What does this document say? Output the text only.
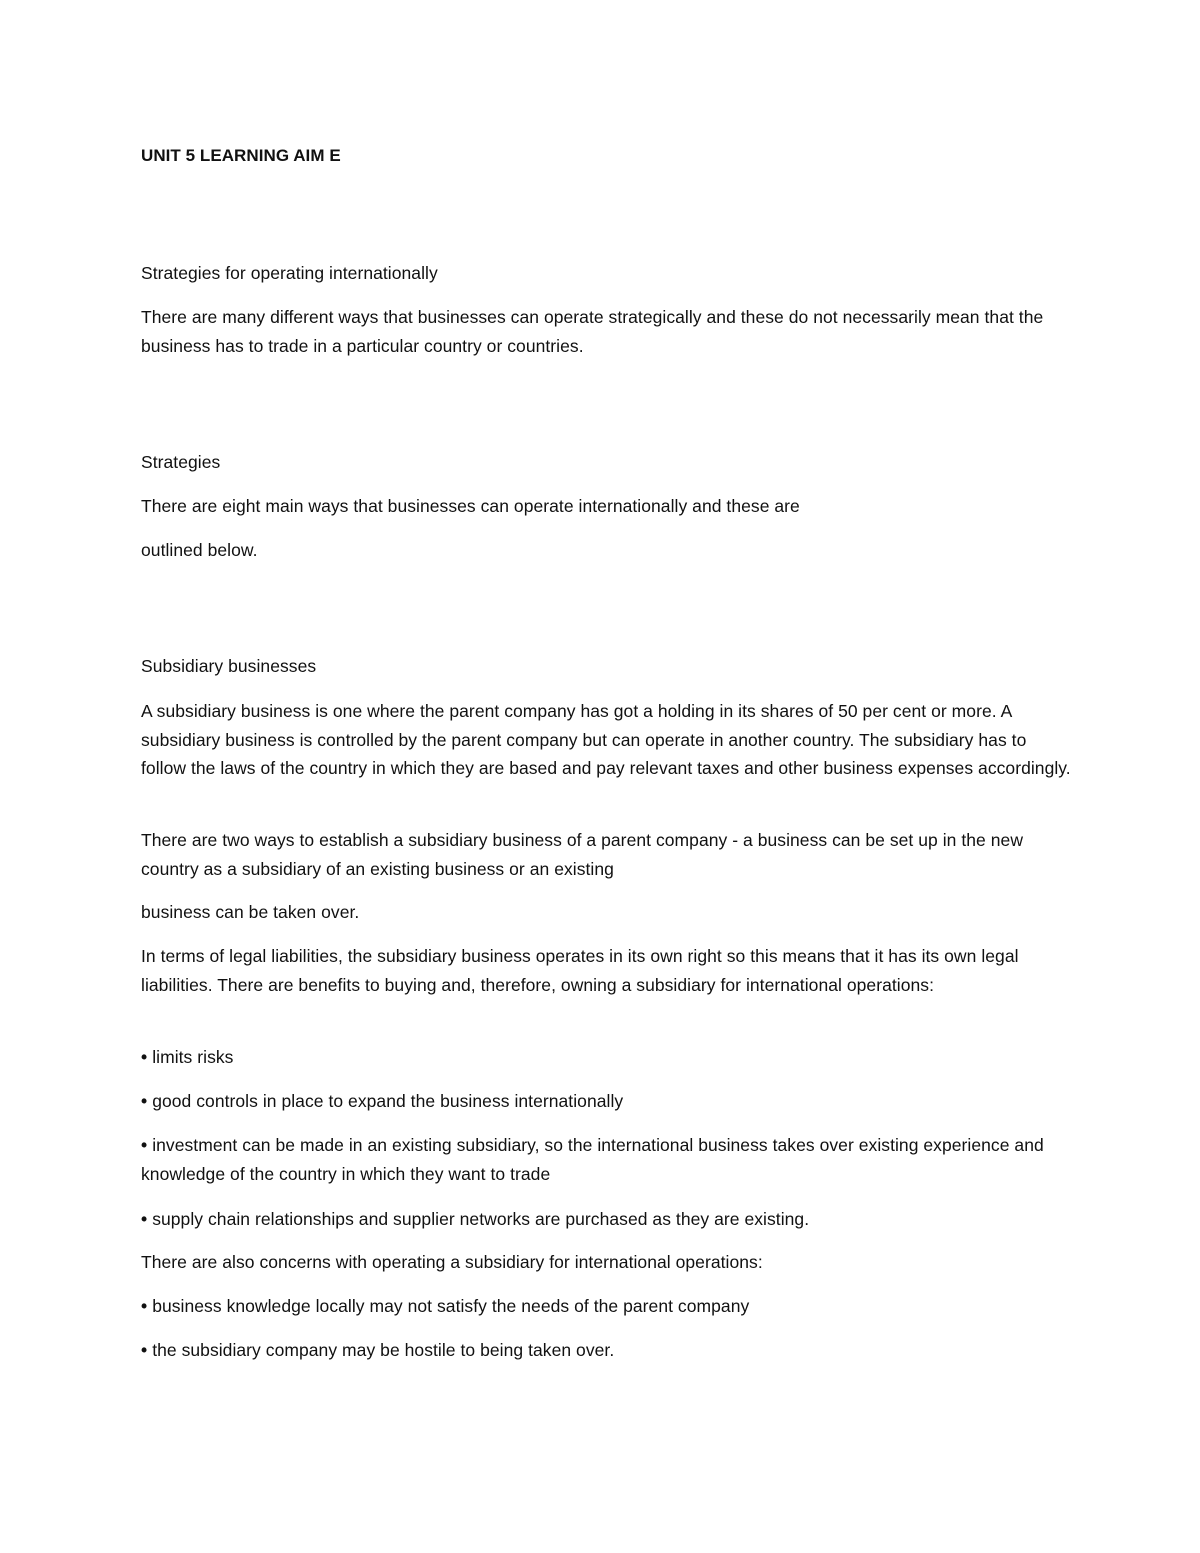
UNIT 5 LEARNING AIM E

Strategies for operating internationally

There are many different ways that businesses can operate strategically and these do not necessarily mean that the business has to trade in a particular country or countries.

Strategies

There are eight main ways that businesses can operate internationally and these are

outlined below.

Subsidiary businesses

A subsidiary business is one where the parent company has got a holding in its shares of 50 per cent or more. A subsidiary business is controlled by the parent company but can operate in another country. The subsidiary has to follow the laws of the country in which they are based and pay relevant taxes and other business expenses accordingly.

There are two ways to establish a subsidiary business of a parent company - a business can be set up in the new country as a subsidiary of an existing business or an existing

business can be taken over.

In terms of legal liabilities, the subsidiary business operates in its own right so this means that it has its own legal liabilities. There are benefits to buying and, therefore, owning a subsidiary for international operations:

• limits risks

• good controls in place to expand the business internationally

• investment can be made in an existing subsidiary, so the international business takes over existing experience and knowledge of the country in which they want to trade

• supply chain relationships and supplier networks are purchased as they are existing.

There are also concerns with operating a subsidiary for international operations:

• business knowledge locally may not satisfy the needs of the parent company

• the subsidiary company may be hostile to being taken over.
